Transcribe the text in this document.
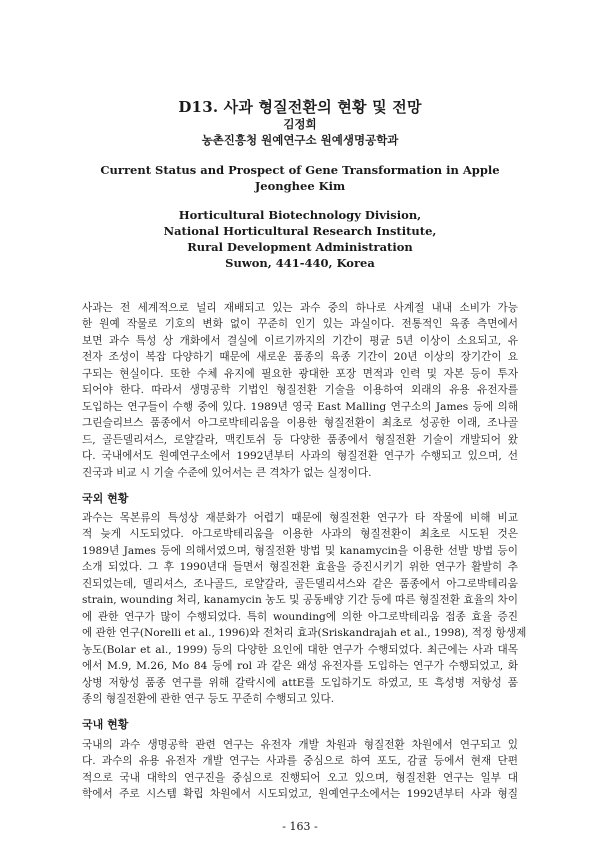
D13. 사과 형질전환의 현황 및 전망
김정희
농촌진흥청 원예연구소 원예생명공학과
Current Status and Prospect of Gene Transformation in Apple
Jeonghee Kim
Horticultural Biotechnology Division,
National Horticultural Research Institute,
Rural Development Administration
Suwon, 441-440, Korea
사과는 전 세계적으로 널리 재배되고 있는 과수 중의 하나로 사계절 내내 소비가 가능
한 원예 작물로 기호의 변화 없이 꾸준히 인기 있는 과실이다. 전통적인 육종 측면에서
보면 과수 특성 상 개화에서 결실에 이르기까지의 기간이 평균 5년 이상이 소요되고, 유
전자 조성이 복잡 다양하기 때문에 새로운 품종의 육종 기간이 20년 이상의 장기간이 요
구되는 현실이다. 또한 수체 유지에 필요한 광대한 포장 면적과 인력 및 자본 등이 투자
되어야 한다. 따라서 생명공학 기법인 형질전환 기술을 이용하여 외래의 유용 유전자를
도입하는 연구들이 수행 중에 있다. 1989년 영국 East Malling 연구소의 James 등에 의해
그린슬리브스 품종에서 아그로박테리움을 이용한 형질전환이 최초로 성공한 이래, 조나골
드, 골든델리셔스, 로얄갈라, 맥킨토쉬 등 다양한 품종에서 형질전환 기술이 개발되어 왔
다. 국내에서도 원예연구소에서 1992년부터 사과의 형질전환 연구가 수행되고 있으며, 선
진국과 비교 시 기술 수준에 있어서는 큰 격차가 없는 실정이다.
국외 현황
과수는 목본류의 특성상 재분화가 어렵기 때문에 형질전환 연구가 타 작물에 비해 비교
적 늦게 시도되었다. 아그로박테리움을 이용한 사과의 형질전환이 최초로 시도된 것은
1989년 James 등에 의해서였으며, 형질전환 방법 및 kanamycin을 이용한 선발 방법 등이
소개 되었다. 그 후 1990년대 들면서 형질전환 효율을 증진시키기 위한 연구가 활발히 추
진되었는데, 델리셔스, 조나골드, 로얄갈라, 골든델리셔스와 같은 품종에서 아그로박테리움
strain, wounding 처리, kanamycin 농도 및 공동배양 기간 등에 따른 형질전환 효율의 차이
에 관한 연구가 많이 수행되었다. 특히 wounding에 의한 아그로박테리움 접종 효율 증진
에 관한 연구(Norelli et al., 1996)와 전처리 효과(Sriskandrajah et al., 1998), 적정 항생제
농도(Bolar et al., 1999) 등의 다양한 요인에 대한 연구가 수행되었다. 최근에는 사과 대목
에서 M.9, M.26, Mo 84 등에 rol 과 같은 왜성 유전자를 도입하는 연구가 수행되었고, 화
상병 저항성 품종 연구를 위해 갈락시에 attE를 도입하기도 하였고, 또 흑성병 저항성 품
종의 형질전환에 관한 연구 등도 꾸준히 수행되고 있다.
국내 현황
국내의 과수 생명공학 관련 연구는 유전자 개발 차원과 형질전환 차원에서 연구되고 있
다. 과수의 유용 유전자 개발 연구는 사과를 중심으로 하여 포도, 감귤 등에서 현재 단편
적으로 국내 대학의 연구진을 중심으로 진행되어 오고 있으며, 형질전환 연구는 일부 대
학에서 주로 시스템 확립 차원에서 시도되었고, 원예연구소에서는 1992년부터 사과 형질
- 163 -
